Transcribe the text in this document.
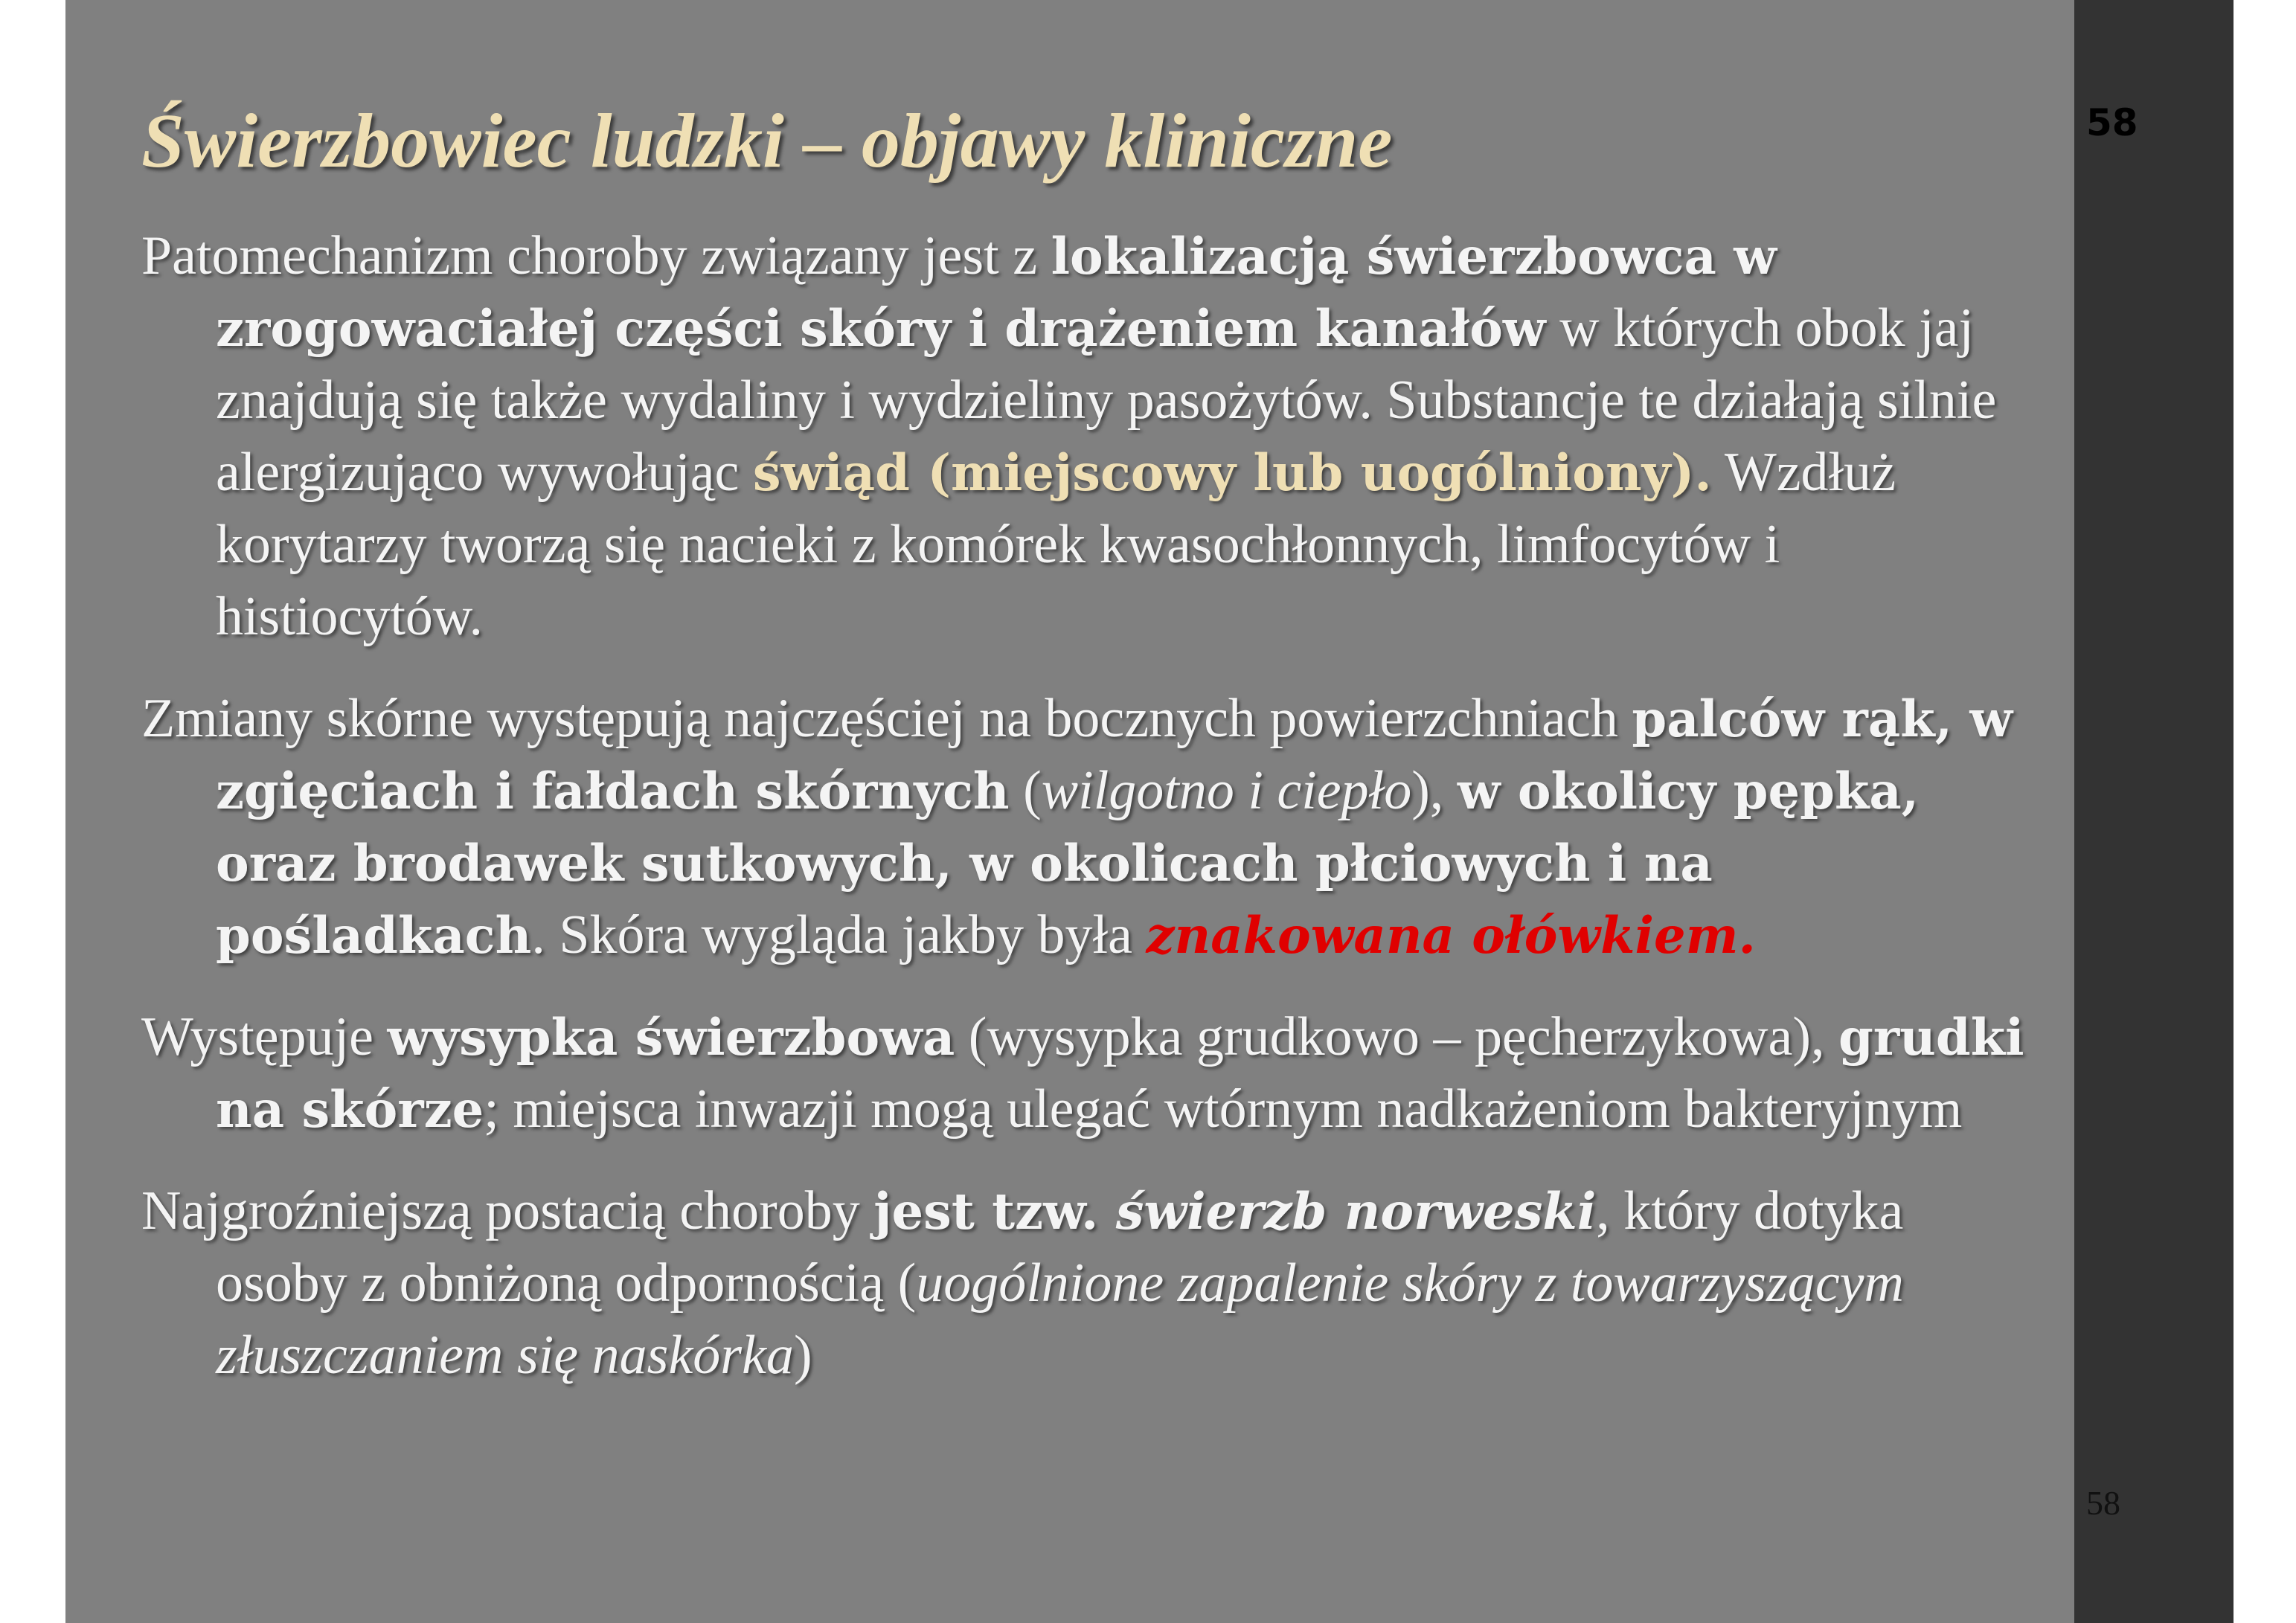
Świerzbowiec ludzki – objawy kliniczne	58
58

Patomechanizm choroby związany jest z lokalizacją świerzbowca w zrogowaciałej części skóry i drążeniem kanałów w których obok jaj znajdują się także wydaliny i wydzieliny pasożytów. Substancje te działają silnie alergizująco wywołując świąd (miejscowy lub uogólniony). Wzdłuż korytarzy tworzą się nacieki z komórek kwasochłonnych, limfocytów i histiocytów.

Zmiany skórne występują najczęściej na bocznych powierzchniach palców rąk, w zgięciach i fałdach skórnych (wilgotno i ciepło), w okolicy pępka, oraz brodawek sutkowych, w okolicach płciowych i na pośladkach. Skóra wygląda jakby była znakowana ołówkiem.

Występuje wysypka świerzbowa (wysypka grudkowo – pęcherzykowa), grudki na skórze; miejsca inwazji mogą ulegać wtórnym nadkażeniom bakteryjnym

Najgroźniejszą postacią choroby jest tzw. świerzb norweski, który dotyka osoby z obniżoną odpornością (uogólnione zapalenie skóry z towarzyszącym złuszczaniem się naskórka)
